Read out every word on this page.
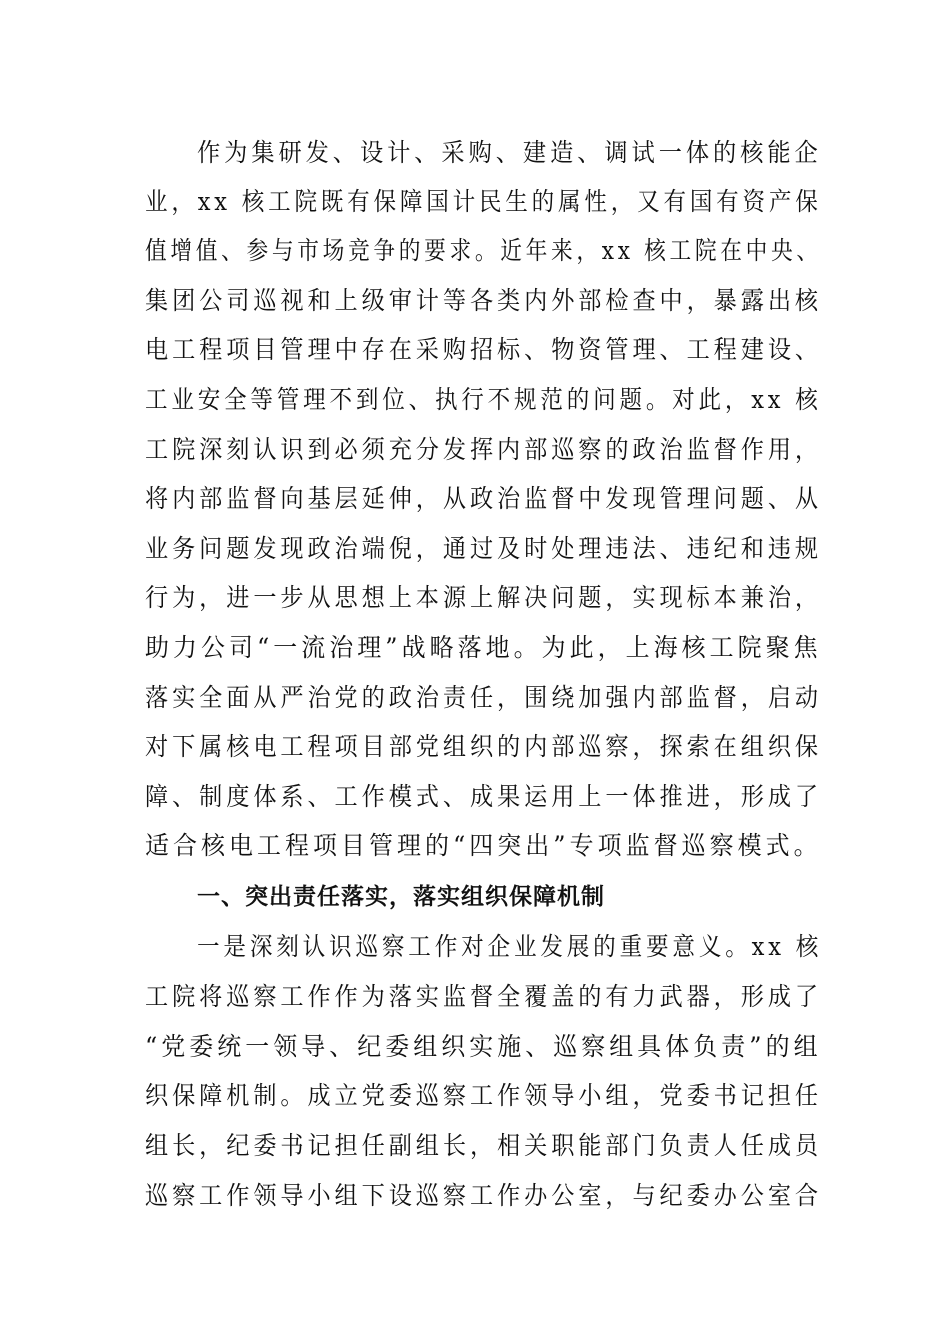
作为集研发、设计、采购、建造、调试一体的核能企
业，xx 核工院既有保障国计民生的属性，又有国有资产保
值增值、参与市场竞争的要求。近年来，xx 核工院在中央、
集团公司巡视和上级审计等各类内外部检查中，暴露出核
电工程项目管理中存在采购招标、物资管理、工程建设、
工业安全等管理不到位、执行不规范的问题。对此，xx 核
工院深刻认识到必须充分发挥内部巡察的政治监督作用，
将内部监督向基层延伸，从政治监督中发现管理问题、从
业务问题发现政治端倪，通过及时处理违法、违纪和违规
行为，进一步从思想上本源上解决问题，实现标本兼治，
助力公司“一流治理”战略落地。为此，上海核工院聚焦
落实全面从严治党的政治责任，围绕加强内部监督，启动
对下属核电工程项目部党组织的内部巡察，探索在组织保
障、制度体系、工作模式、成果运用上一体推进，形成了
适合核电工程项目管理的“四突出”专项监督巡察模式。
一、突出责任落实，落实组织保障机制
一是深刻认识巡察工作对企业发展的重要意义。xx 核
工院将巡察工作作为落实监督全覆盖的有力武器，形成了
“党委统一领导、纪委组织实施、巡察组具体负责”的组
织保障机制。成立党委巡察工作领导小组，党委书记担任
组长，纪委书记担任副组长，相关职能部门负责人任成员
巡察工作领导小组下设巡察工作办公室，与纪委办公室合
